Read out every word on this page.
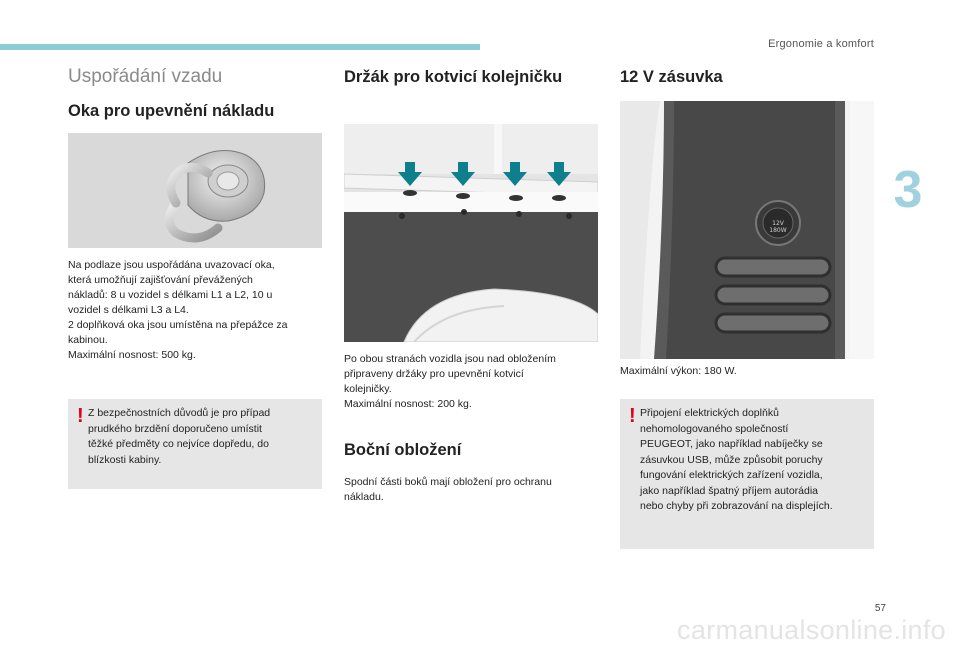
Ergonomie a komfort
3
Uspořádání vzadu
Oka pro upevnění nákladu
Na podlaze jsou uspořádána uvazovací oka,
která umožňují zajišťování převážených
nákladů: 8 u vozidel s délkami L1 a L2, 10 u
vozidel s délkami L3 a L4.
2 doplňková oka jsou umístěna na přepážce za
kabinou.
Maximální nosnost: 500 kg.
! Z bezpečnostních důvodů je pro případ
prudkého brzdění doporučeno umístit
těžké předměty co nejvíce dopředu, do
blízkosti kabiny.
Držák pro kotvicí kolejničku
Po obou stranách vozidla jsou nad obložením
připraveny držáky pro upevnění kotvicí
kolejničky.
Maximální nosnost: 200 kg.
Boční obložení
Spodní části boků mají obložení pro ochranu
nákladu.
12 V zásuvka
12V 180W
Maximální výkon: 180 W.
! Připojení elektrických doplňků
nehomologovaného společností
PEUGEOT, jako například nabíječky se
zásuvkou USB, může způsobit poruchy
fungování elektrických zařízení vozidla,
jako například špatný příjem autorádia
nebo chyby při zobrazování na displejích.
57
carmanualsonline.info
